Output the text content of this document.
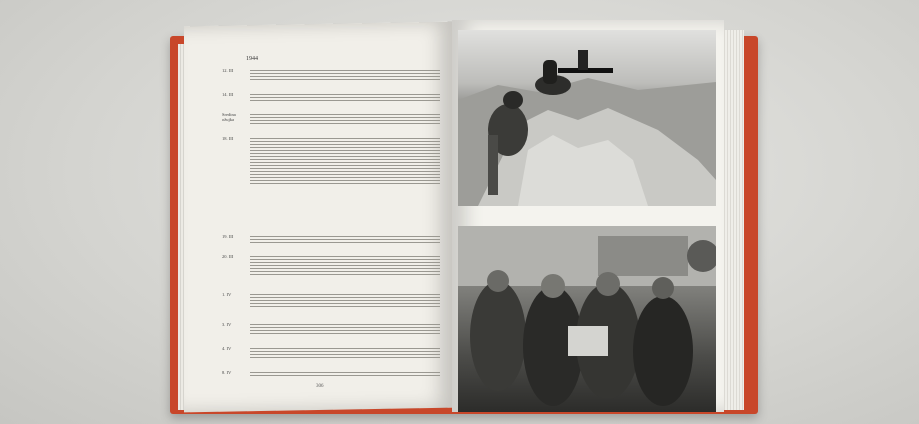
1944
12. III
14. III
Sredina ožujka
18. III
19. III
20. III
1. IV
3. IV
4. IV
8. IV
306
